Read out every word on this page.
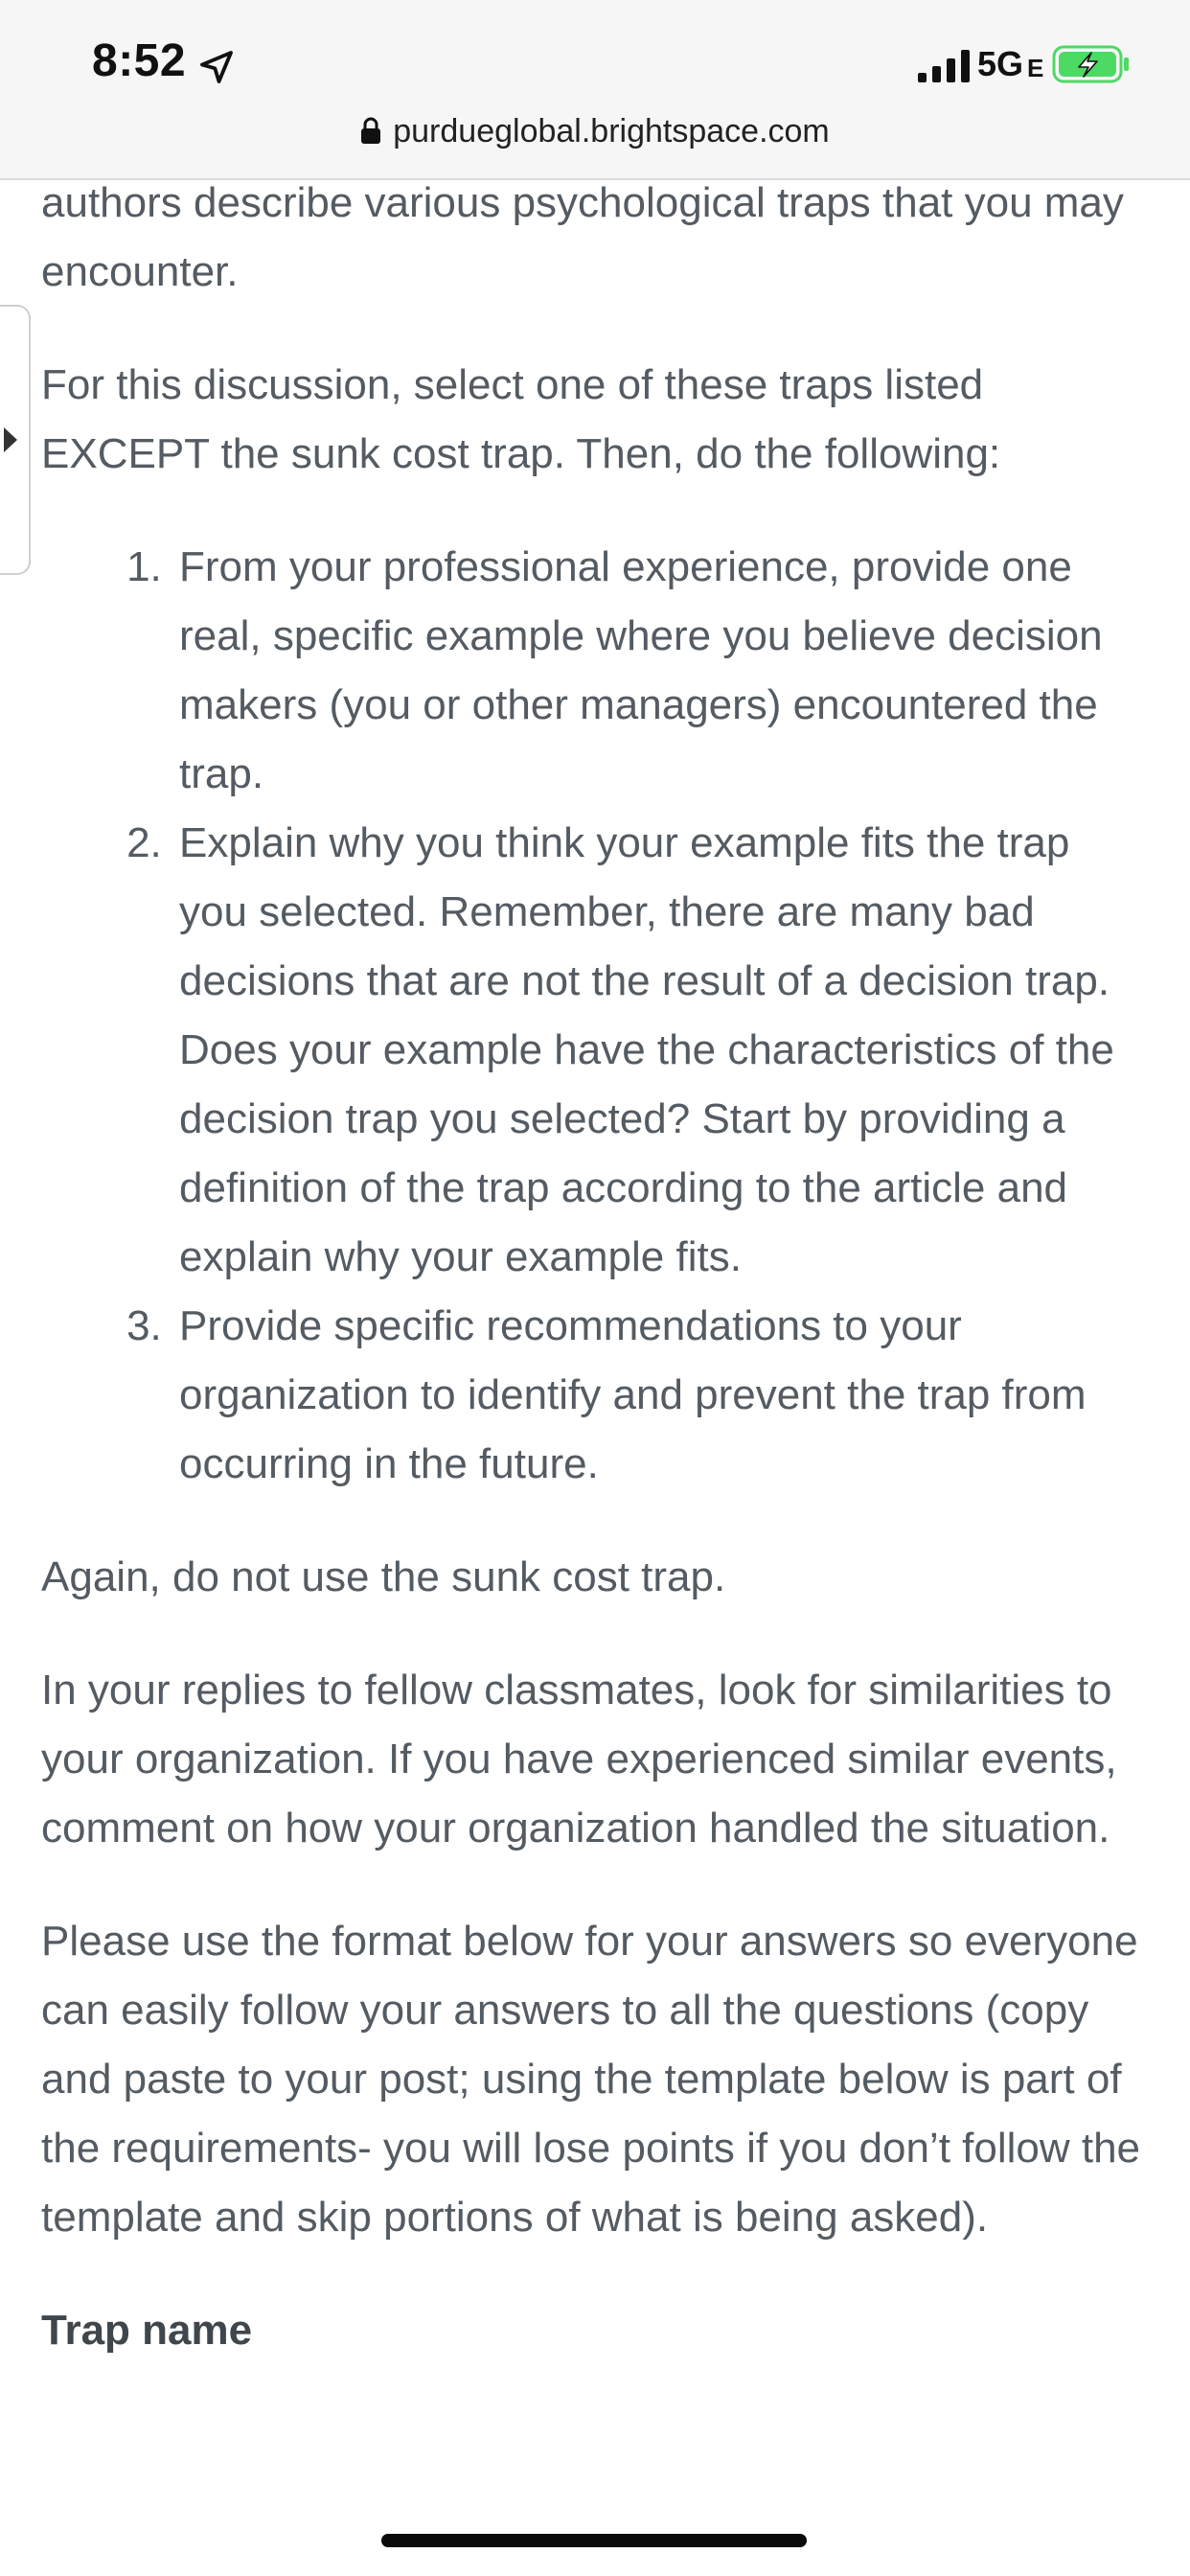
8:52	5G E
purdueglobal.brightspace.com

authors describe various psychological traps that you may encounter.

For this discussion, select one of these traps listed EXCEPT the sunk cost trap. Then, do the following:

1. From your professional experience, provide one real, specific example where you believe decision makers (you or other managers) encountered the trap.
2. Explain why you think your example fits the trap you selected. Remember, there are many bad decisions that are not the result of a decision trap. Does your example have the characteristics of the decision trap you selected? Start by providing a definition of the trap according to the article and explain why your example fits.
3. Provide specific recommendations to your organization to identify and prevent the trap from occurring in the future.

Again, do not use the sunk cost trap.

In your replies to fellow classmates, look for similarities to your organization. If you have experienced similar events, comment on how your organization handled the situation.

Please use the format below for your answers so everyone can easily follow your answers to all the questions (copy and paste to your post; using the template below is part of the requirements- you will lose points if you don’t follow the template and skip portions of what is being asked).

Trap name
